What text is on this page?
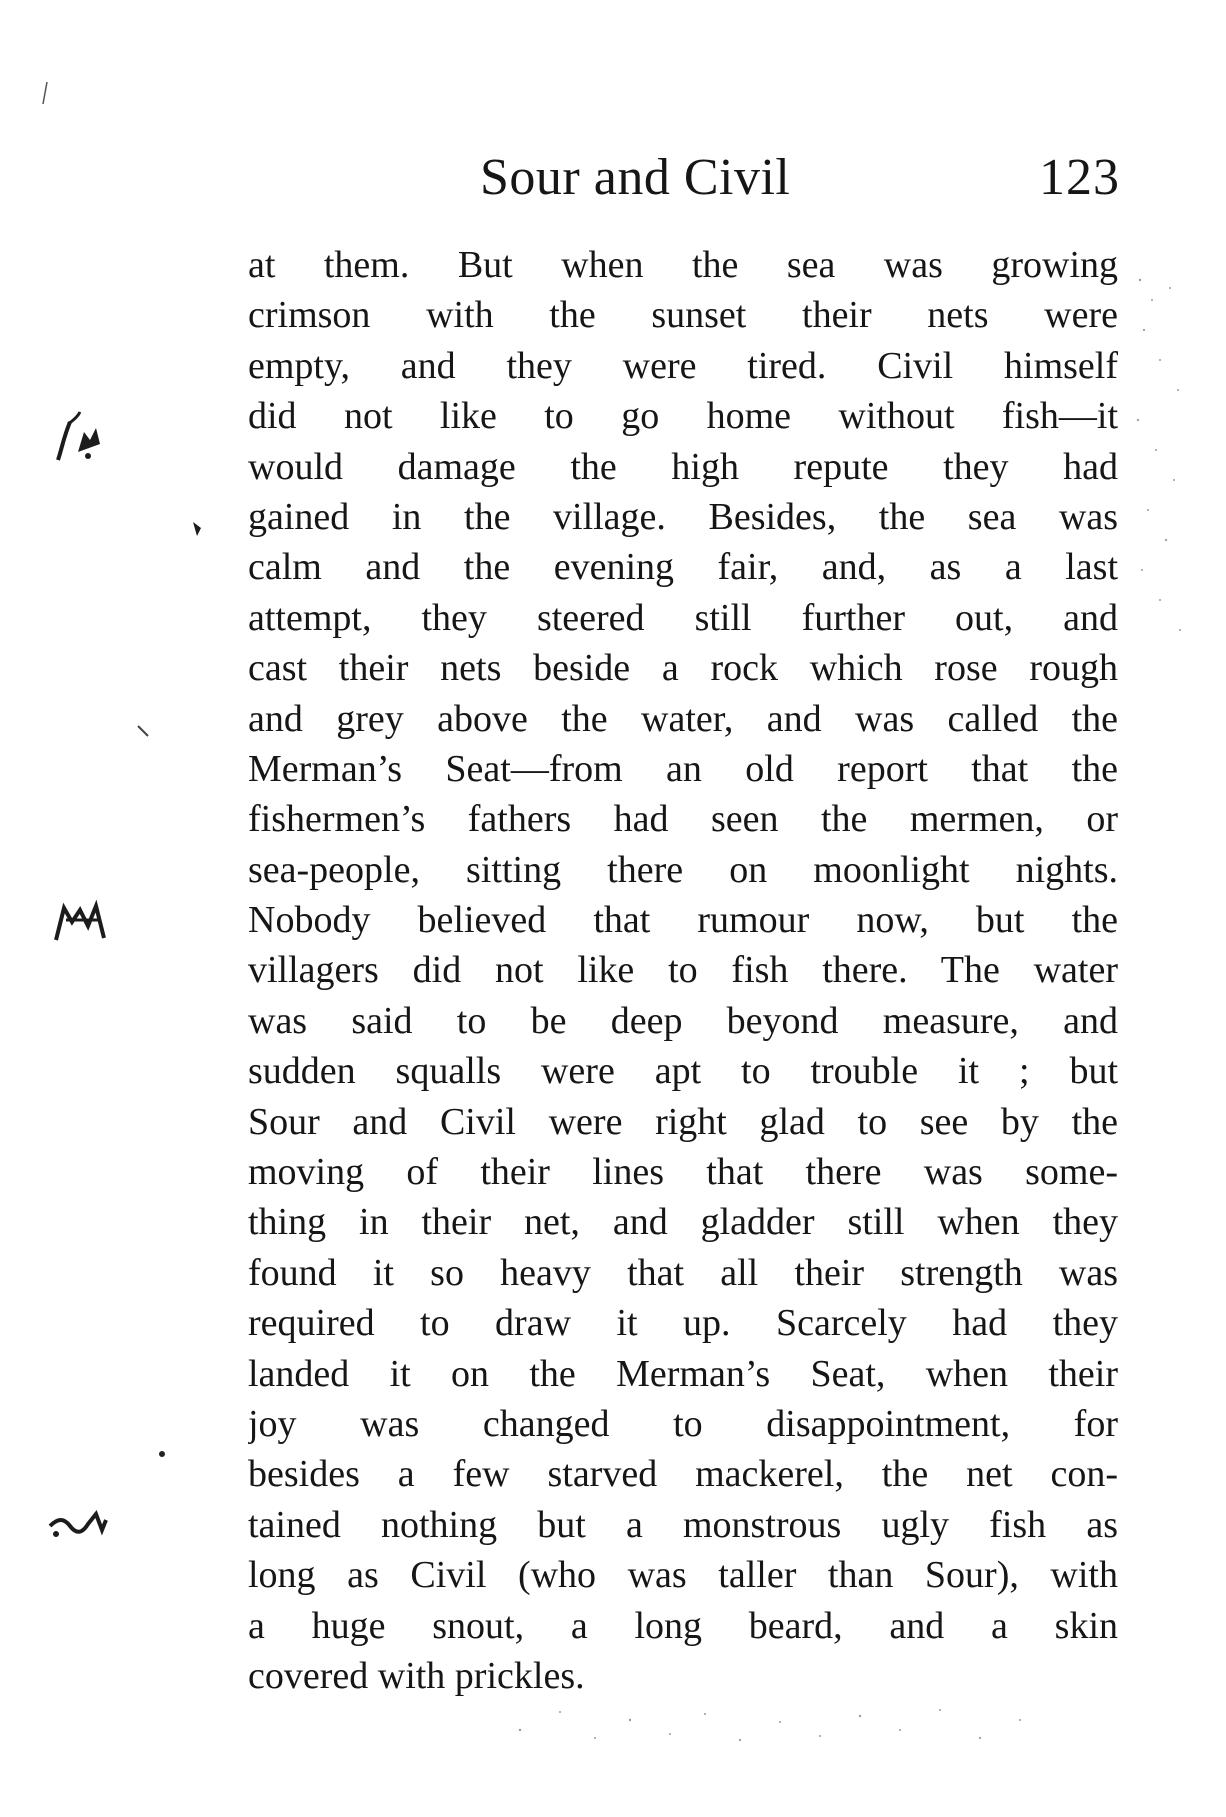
Sour and Civil	123
at them. But when the sea was growing
crimson with the sunset their nets were
empty, and they were tired. Civil himself
did not like to go home without fish—it
would damage the high repute they had
gained in the village. Besides, the sea was
calm and the evening fair, and, as a last
attempt, they steered still further out, and
cast their nets beside a rock which rose rough
and grey above the water, and was called the
Merman’s Seat—from an old report that the
fishermen’s fathers had seen the mermen, or
sea-people, sitting there on moonlight nights.
Nobody believed that rumour now, but the
villagers did not like to fish there. The water
was said to be deep beyond measure, and
sudden squalls were apt to trouble it ; but
Sour and Civil were right glad to see by the
moving of their lines that there was some-
thing in their net, and gladder still when they
found it so heavy that all their strength was
required to draw it up. Scarcely had they
landed it on the Merman’s Seat, when their
joy was changed to disappointment, for
besides a few starved mackerel, the net con-
tained nothing but a monstrous ugly fish as
long as Civil (who was taller than Sour), with
a huge snout, a long beard, and a skin
covered with prickles.
